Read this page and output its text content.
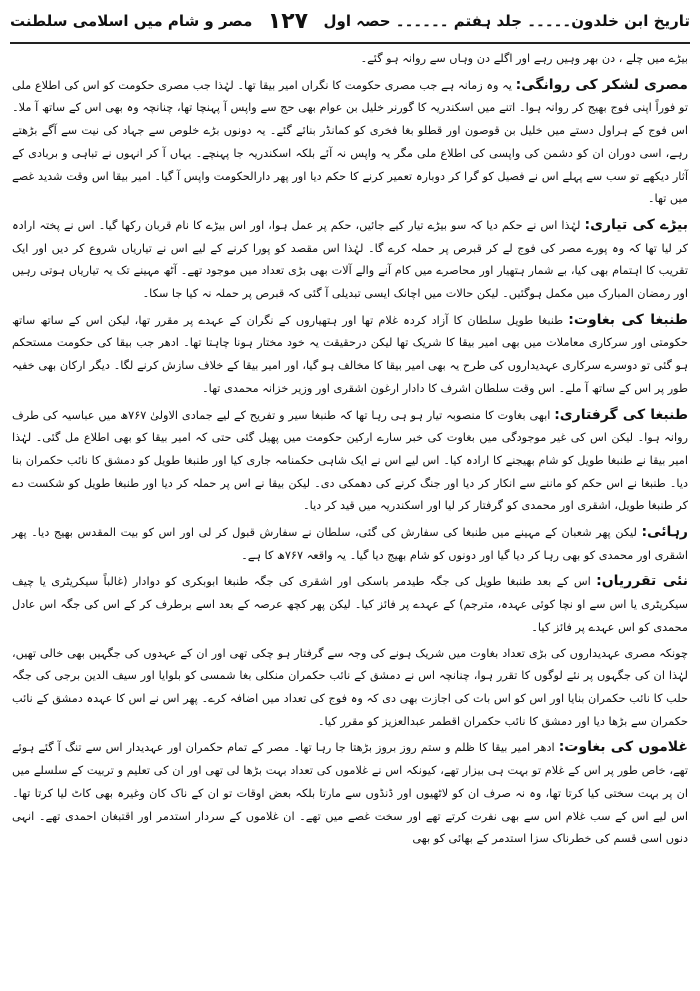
تاریخ ابن خلدون۔۔۔۔۔ جلد ہفتم ۔۔۔۔۔۔ حصہ اول
۱۲۷
مصر و شام میں اسلامی سلطنت

بیڑے میں چلے ، دن بھر وہیں رہے اور اگلے دن وہاں سے روانہ ہو گئے۔

مصری لشکر کی روانگی: یہ وہ زمانہ ہے جب مصری حکومت کا نگراں امیر بیقا تھا۔ لہٰذا جب مصری حکومت کو اس کی اطلاع ملی تو فوراً اپنی فوج بھیج کر روانہ ہوا۔ اتنے میں اسکندریہ کا گورنر خلیل بن عوام بھی حج سے واپس آ پہنچا تھا، چنانچہ وہ بھی اس کے ساتھ آ ملا۔ اس فوج کے ہراول دستے میں خلیل بن قوصون اور قطلو بغا فخری کو کمانڈر بنائے گئے۔ یہ دونوں بڑے خلوص سے جہاد کی نیت سے آگے بڑھتے رہے، اسی دوران ان کو دشمن کی واپسی کی اطلاع ملی مگر یہ واپس نہ آئے بلکہ اسکندریہ جا پہنچے۔ یہاں آ کر انہوں نے تباہی و بربادی کے آثار دیکھے تو سب سے پہلے اس نے فصیل کو گرا کر دوبارہ تعمیر کرنے کا حکم دیا اور پھر دارالحکومت واپس آ گیا۔ امیر بیقا اس وقت شدید غصے میں تھا۔

بیڑے کی تیاری: لہٰذا اس نے حکم دیا کہ سو بیڑے تیار کیے جائیں، حکم پر عمل ہوا، اور اس بیڑے کا نام قربان رکھا گیا۔ اس نے پختہ ارادہ کر لیا تھا کہ وہ پورے مصر کی فوج لے کر قبرص پر حملہ کرے گا۔ لہٰذا اس مقصد کو پورا کرنے کے لیے اس نے تیاریاں شروع کر دیں اور ایک تقریب کا اہتمام بھی کیا، بے شمار ہتھیار اور محاصرے میں کام آنے والے آلات بھی بڑی تعداد میں موجود تھے۔ آٹھ مہینے تک یہ تیاریاں ہوتی رہیں اور رمضان المبارک میں مکمل ہوگئیں۔ لیکن حالات میں اچانک ایسی تبدیلی آ گئی کہ قبرص پر حملہ نہ کیا جا سکا۔

طنبغا کی بغاوت: طنبغا طویل سلطان کا آزاد کردہ غلام تھا اور ہتھیاروں کے نگران کے عہدے پر مقرر تھا، لیکن اس کے ساتھ ساتھ حکومتی اور سرکاری معاملات میں بھی امیر بیقا کا شریک تھا لیکن درحقیقت یہ خود مختار ہونا چاہتا تھا۔ ادھر جب بیقا کی حکومت مستحکم ہو گئی تو دوسرے سرکاری عہدیداروں کی طرح یہ بھی امیر بیقا کا مخالف ہو گیا، اور امیر بیقا کے خلاف سازش کرنے لگا۔ دیگر ارکان بھی خفیہ طور پر اس کے ساتھ آ ملے۔ اس وقت سلطان اشرف کا دادار ارغون اشقری اور وزیر خزانہ محمدی تھا۔

طنبغا کی گرفتاری: ابھی بغاوت کا منصوبہ تیار ہو ہی رہا تھا کہ طنبغا سیر و تفریح کے لیے جمادی الاولیٰ ۷۶۷ھ میں عباسیہ کی طرف روانہ ہوا۔ لیکن اس کی غیر موجودگی میں بغاوت کی خبر سارے ارکین حکومت میں پھیل گئی حتی کہ امیر بیقا کو بھی اطلاع مل گئی۔ لہٰذا امیر بیقا نے طنبغا طویل کو شام بھیجنے کا ارادہ کیا۔ اس لیے اس نے ایک شاہی حکمنامہ جاری کیا اور طنبغا طویل کو دمشق کا نائب حکمران بنا دیا۔ طنبغا نے اس حکم کو ماننے سے انکار کر دیا اور جنگ کرنے کی دھمکی دی۔ لیکن بیقا نے اس پر حملہ کر دیا اور طنبغا طویل کو شکست دے کر طنبغا طویل، اشقری اور محمدی کو گرفتار کر لیا اور اسکندریہ میں قید کر دیا۔

رہائی: لیکن پھر شعبان کے مہینے میں طنبغا کی سفارش کی گئی، سلطان نے سفارش قبول کر لی اور اس کو بیت المقدس بھیج دیا۔ پھر اشقری اور محمدی کو بھی رہا کر دیا گیا اور دونوں کو شام بھیج دیا گیا۔ یہ واقعہ ۷۶۷ھ کا ہے۔

نئی تقرریاں: اس کے بعد طنبغا طویل کی جگہ طیدمر باسکی اور اشقری کی جگہ طنبغا ابوبکری کو دوادار (غالباً سیکریٹری یا چیف سیکریٹری یا اس سے او نچا کوئی عہدہ، مترجم) کے عہدے پر فائز کیا۔ لیکن پھر کچھ عرصہ کے بعد اسے برطرف کر کے اس کی جگہ اس عادل محمدی کو اس عہدے پر فائز کیا۔

چونکہ مصری عہدیداروں کی بڑی تعداد بغاوت میں شریک ہونے کی وجہ سے گرفتار ہو چکی تھی اور ان کے عہدوں کی جگہیں بھی خالی تھیں، لہٰذا ان کی جگہوں پر نئے لوگوں کا تقرر ہوا، چنانچہ اس نے دمشق کے نائب حکمران منکلی بغا شمسی کو بلوایا اور سیف الدین برجی کی جگہ حلب کا نائب حکمران بنایا اور اس کو اس بات کی اجازت بھی دی کہ وہ فوج کی تعداد میں اضافہ کرے۔ پھر اس نے اس کا عہدہ دمشق کے نائب حکمران سے بڑھا دیا اور دمشق کا نائب حکمران اقطمر عبدالعزیز کو مقرر کیا۔

غلاموں کی بغاوت: ادھر امیر بیقا کا ظلم و ستم روز بروز بڑھتا جا رہا تھا۔ مصر کے تمام حکمران اور عہدیدار اس سے تنگ آ گئے ہوئے تھے، خاص طور پر اس کے غلام تو بہت ہی بیزار تھے، کیونکہ اس نے غلاموں کی تعداد بہت بڑھا لی تھی اور ان کی تعلیم و تربیت کے سلسلے میں ان پر بہت سختی کیا کرتا تھا، وہ نہ صرف ان کو لاٹھیوں اور ڈنڈوں سے مارتا بلکہ بعض اوقات تو ان کے ناک کان وغیرہ بھی کاٹ لیا کرتا تھا۔ اس لیے اس کے سب غلام اس سے بھی نفرت کرتے تھے اور سخت غصے میں تھے۔ ان غلاموں کے سردار استدمر اور اقتبغان احمدی تھے۔ انہی دنوں اسی قسم کی خطرناک سزا استدمر کے بھائی کو بھی
